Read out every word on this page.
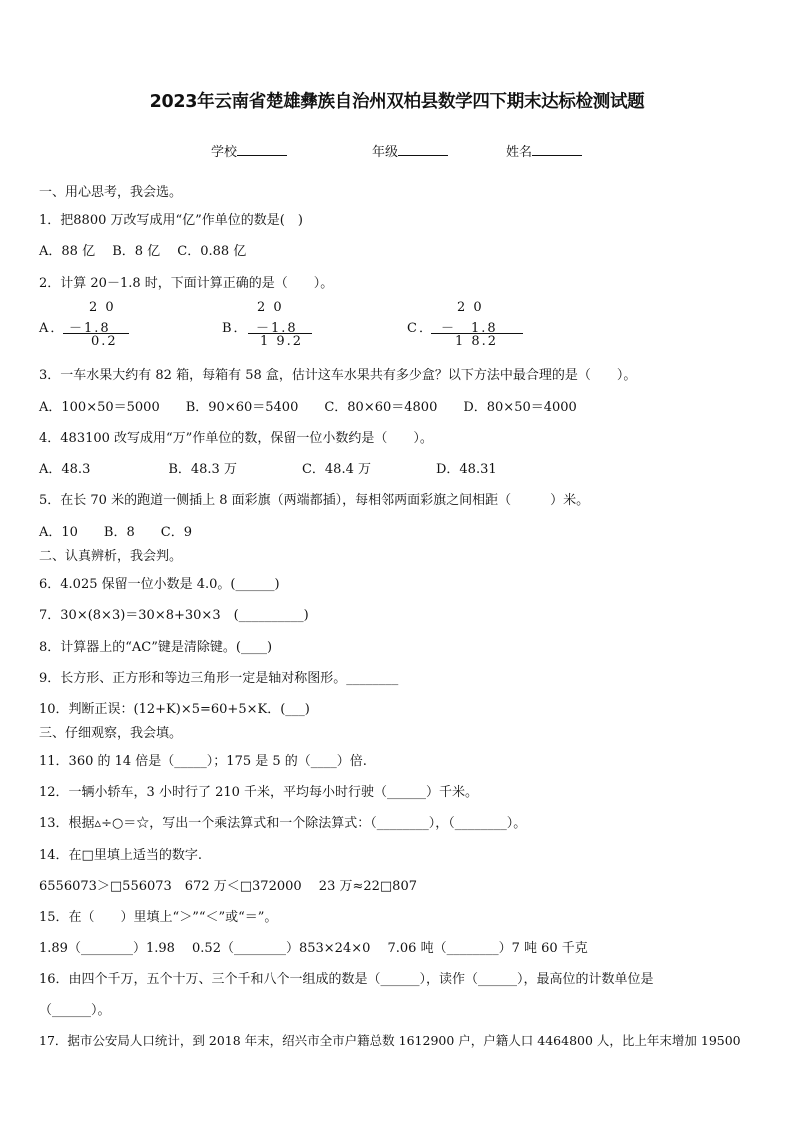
2023年云南省楚雄彝族自治州双柏县数学四下期末达标检测试题
学校	年级	姓名
一、用心思考，我会选。
1．把8800 万改写成用“亿”作单位的数是(　)
A．88 亿　 B．8 亿　 C．0.88 亿
2．计算 20－1.8 时，下面计算正确的是（　　）。
A．
2 0
－1.8
0.2
B．
2 0
－1.8
1 9.2
C．
2 0
－　1.8
1 8.2
3．一车水果大约有 82 箱，每箱有 58 盒，估计这车水果共有多少盒？以下方法中最合理的是（　　）。
A．100×50＝5000　　B．90×60＝5400　　C．80×60＝4800　　D．80×50＝4000
4．483100 改写成用“万”作单位的数，保留一位小数约是（　　）。
A．48.3　　　　　　B．48.3 万　　　　　C．48.4 万　　　　　D．48.31
5．在长 70 米的跑道一侧插上 8 面彩旗（两端都插），每相邻两面彩旗之间相距（　　　）米。
A．10　　B．8　　C．9
二、认真辨析，我会判。
6．4.025 保留一位小数是 4.0。(______)
7．30×(8×3)＝30×8+30×3　(__________)
8．计算器上的“AC”键是清除键。(____)
9．长方形、正方形和等边三角形一定是轴对称图形。________
10．判断正误：(12+K)×5=60+5×K．(___)
三、仔细观察，我会填。
11．360 的 14 倍是（_____）；175 是 5 的（____）倍.
12．一辆小轿车，3 小时行了 210 千米，平均每小时行驶（______）千米。
13．根据▵÷○＝☆，写出一个乘法算式和一个除法算式：（________），（________）。
14．在□里填上适当的数字.
6556073＞□556073　672 万＜□372000　 23 万≈22□807
15．在（　　）里填上“＞”“＜”或“＝”。
1.89（________）1.98　 0.52（________）853×24×0　 7.06 吨（________）7 吨 60 千克
16．由四个千万，五个十万、三个千和八个一组成的数是（______），读作（______），最高位的计数单位是
（______）。
17．据市公安局人口统计，到 2018 年末，绍兴市全市户籍总数 1612900 户，户籍人口 4464800 人，比上年末增加 19500
